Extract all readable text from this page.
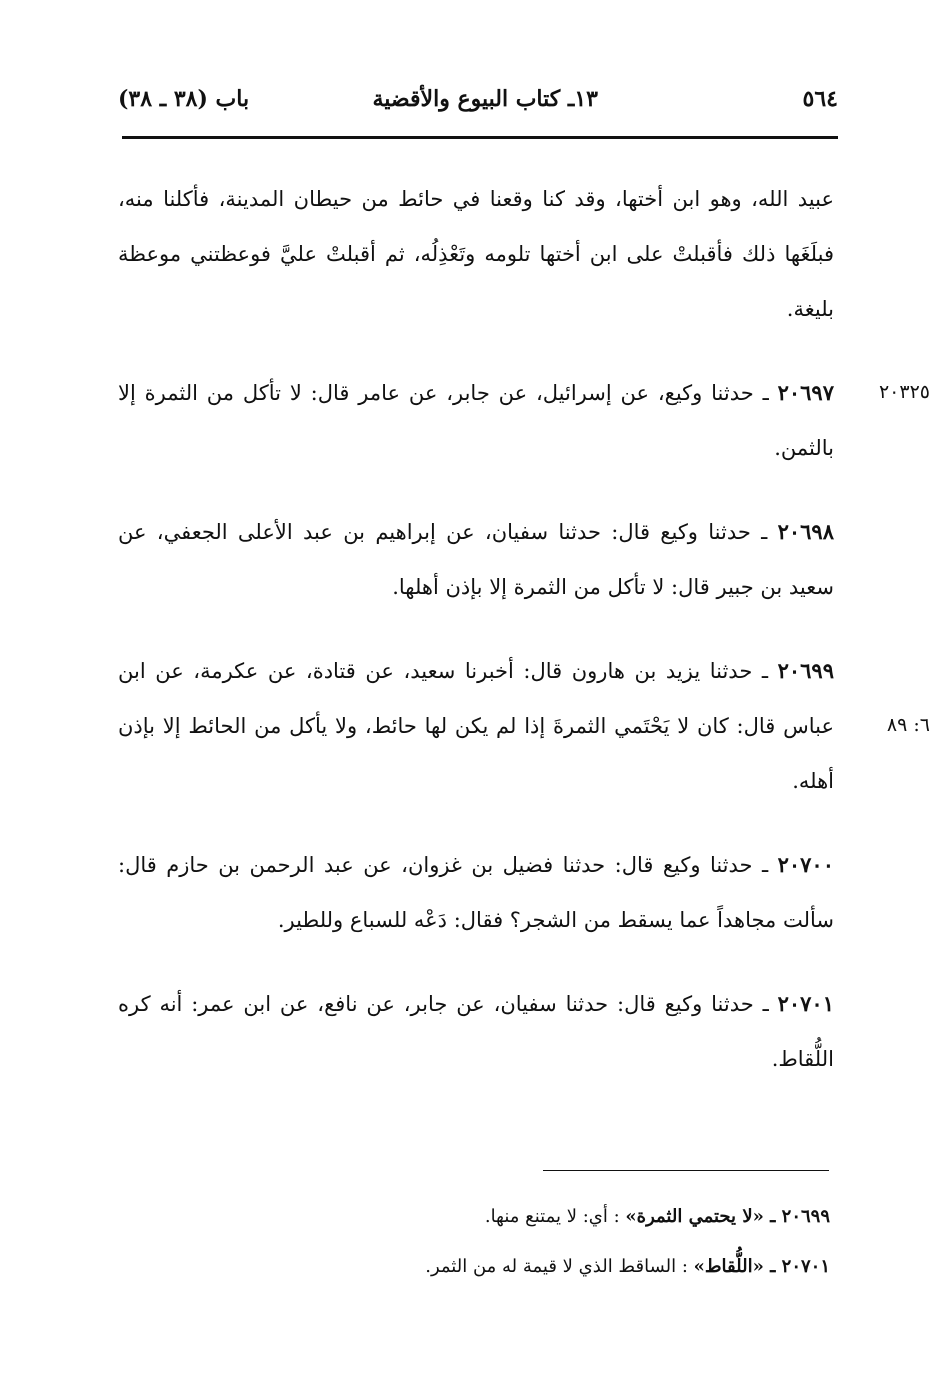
٥٦٤
١٣ـ كتاب البيوع والأقضية
باب (٣٨ ـ ٣٨)

عبيد الله، وهو ابن أختها، وقد كنا وقعنا في حائط من حيطان المدينة، فأكلنا منه، فبلَغَها ذلك فأقبلتْ على ابن أختها تلومه وتَعْذِلُه، ثم أقبلتْ عليَّ فوعظتني موعظة بليغة.

٢٠٣٢٥
٢٠٦٩٧ ـ حدثنا وكيع، عن إسرائيل، عن جابر، عن عامر قال: لا تأكل من الثمرة إلا بالثمن.

٢٠٦٩٨ ـ حدثنا وكيع قال: حدثنا سفيان، عن إبراهيم بن عبد الأعلى الجعفي، عن سعيد بن جبير قال: لا تأكل من الثمرة إلا بإذن أهلها.

٦: ٨٩
٢٠٦٩٩ ـ حدثنا يزيد بن هارون قال: أخبرنا سعيد، عن قتادة، عن عكرمة، عن ابن عباس قال: كان لا يَحْتَمي الثمرةَ إذا لم يكن لها حائط، ولا يأكل من الحائط إلا بإذن أهله.

٢٠٧٠٠ ـ حدثنا وكيع قال: حدثنا فضيل بن غزوان، عن عبد الرحمن بن حازم قال: سألت مجاهداً عما يسقط من الشجر؟ فقال: دَعْه للسباع وللطير.

٢٠٧٠١ ـ حدثنا وكيع قال: حدثنا سفيان، عن جابر، عن نافع، عن ابن عمر: أنه كره اللُّقاط.

٢٠٦٩٩ ـ «لا يحتمي الثمرة» : أي: لا يمتنع منها.

٢٠٧٠١ ـ «اللُّقاط» : الساقط الذي لا قيمة له من الثمر.
